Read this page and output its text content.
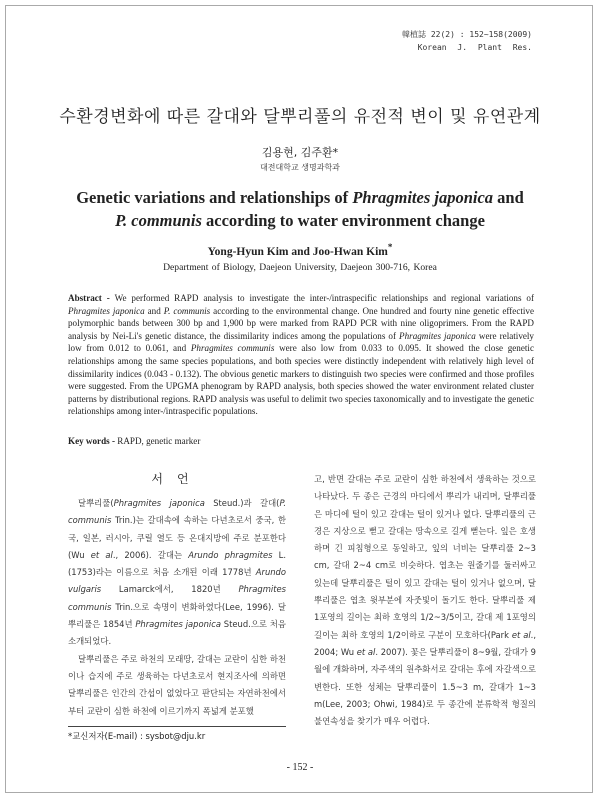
韓植誌 22(2) : 152~158(2009)
Korean J. Plant Res.
수환경변화에 따른 갈대와 달뿌리풀의 유전적 변이 및 유연관계
김용현, 김주환*
대전대학교 생명과학과
Genetic variations and relationships of Phragmites japonica and
P. communis according to water environment change
Yong-Hyun Kim and Joo-Hwan Kim*
Department of Biology, Daejeon University, Daejeon 300-716, Korea
Abstract - We performed RAPD analysis to investigate the inter-/intraspecific relationships and regional variations of Phragmites japonica and P. communis according to the environmental change. One hundred and fourty nine genetic effective polymorphic bands between 300 bp and 1,900 bp were marked from RAPD PCR with nine oligoprimers. From the RAPD analysis by Nei-Li's genetic distance, the dissimilarity indices among the populations of Phragmites japonica were relatively low from 0.012 to 0.061, and Phragmites communis were also low from 0.033 to 0.095. It showed the close genetic relationships among the same species populations, and both species were distinctly independent with relatively high level of dissimilarity indices (0.043 - 0.132). The obvious genetic markers to distinguish two species were confirmed and those profiles were suggested. From the UPGMA phenogram by RAPD analysis, both species showed the water environment related cluster patterns by distributional regions. RAPD analysis was useful to delimit two species taxonomically and to investigate the genetic relationships among inter-/intraspecific populations.
Key words - RAPD, genetic marker
서언

달뿌리풀(Phragmites japonica Steud.)과 갈대(P. communis Trin.)는 갈대속에 속하는 다년초로서 중국, 한국, 일본, 러시아, 쿠릴 열도 등 온대지방에 주로 분포한다(Wu et al., 2006). 갈대는 Arundo phragmites L.(1753)라는 이름으로 처음 소개된 이래 1778년 Arundo vulgaris Lamarck에서, 1820년 Phragmites communis Trin.으로 속명이 변화하였다(Lee, 1996). 달뿌리풀은 1854년 Phragmites japonica Steud.으로 처음 소개되었다.

달뿌리풀은 주로 하천의 모래땅, 갈대는 교란이 심한 하천이나 습지에 주로 생육하는 다년초로서 현지조사에 의하면 달뿌리풀은 인간의 간섭이 없었다고 판단되는 자연하천에서부터 교란이 심한 하천에 이르기까지 폭넓게 분포했

고, 반면 갈대는 주로 교란이 심한 하천에서 생육하는 것으로 나타났다. 두 종은 근경의 마디에서 뿌리가 내리며, 달뿌리풀은 마디에 털이 있고 갈대는 털이 있거나 없다. 달뿌리풀의 근경은 지상으로 뻗고 갈대는 땅속으로 길게 뻗는다. 잎은 호생하며 긴 피침형으로 동일하고, 잎의 너비는 달뿌리풀 2~3 cm, 갈대 2~4 cm로 비슷하다. 엽초는 원줄기를 둘러싸고 있는데 달뿌리풀은 털이 있고 갈대는 털이 있거나 없으며, 달뿌리풀은 엽초 윗부분에 자줏빛이 돌기도 한다. 달뿌리풀 제 1포영의 길이는 최하 호영의 1/2~3/5이고, 갈대 제 1포영의 길이는 최하 호영의 1/2이하로 구분이 모호하다(Park et al., 2004; Wu et al. 2007). 꽃은 달뿌리풀이 8~9월, 갈대가 9월에 개화하며, 자주색의 원추화서로 갈대는 후에 자갈색으로 변한다. 또한 성체는 달뿌리풀이 1.5~3 m, 갈대가 1~3 m(Lee, 2003; Ohwi, 1984)로 두 종간에 분류학적 형질의 불연속성을 찾기가 매우 어렵다.

*교신저자(E-mail) : sysbot@dju.kr
- 152 -
